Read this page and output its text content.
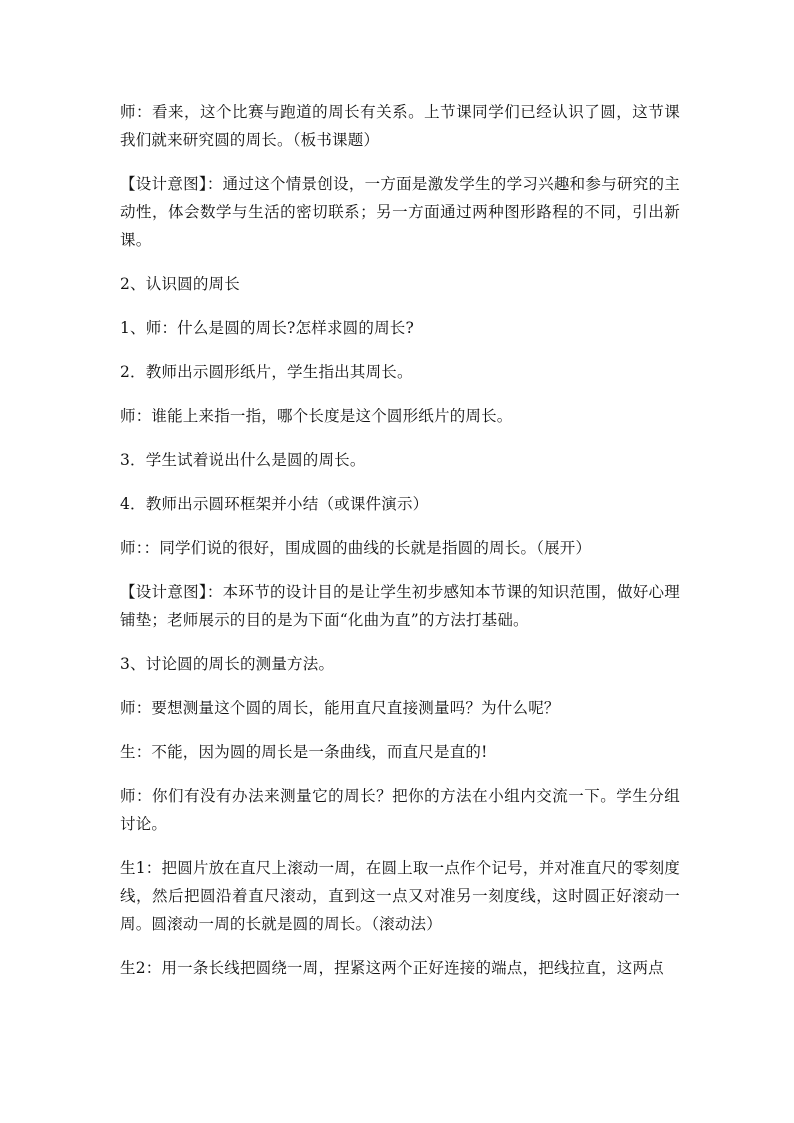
师：看来，这个比赛与跑道的周长有关系。上节课同学们已经认识了圆，这节课我们就来研究圆的周长。（板书课题）

【设计意图】：通过这个情景创设，一方面是激发学生的学习兴趣和参与研究的主动性，体会数学与生活的密切联系；另一方面通过两种图形路程的不同，引出新课。

2、认识圆的周长

1、师：什么是圆的周长?怎样求圆的周长?

2．教师出示圆形纸片，学生指出其周长。

师：谁能上来指一指，哪个长度是这个圆形纸片的周长。

3．学生试着说出什么是圆的周长。

4．教师出示圆环框架并小结（或课件演示）

师：：同学们说的很好，围成圆的曲线的长就是指圆的周长。（展开）

【设计意图】：本环节的设计目的是让学生初步感知本节课的知识范围，做好心理铺垫；老师展示的目的是为下面“化曲为直”的方法打基础。

3、讨论圆的周长的测量方法。

师：要想测量这个圆的周长，能用直尺直接测量吗？为什么呢？

生：不能，因为圆的周长是一条曲线，而直尺是直的!

师：你们有没有办法来测量它的周长？把你的方法在小组内交流一下。学生分组讨论。

生1：把圆片放在直尺上滚动一周，在圆上取一点作个记号，并对准直尺的零刻度线，然后把圆沿着直尺滚动，直到这一点又对准另一刻度线，这时圆正好滚动一周。圆滚动一周的长就是圆的周长。（滚动法）

生2：用一条长线把圆绕一周，捏紧这两个正好连接的端点，把线拉直，这两点
